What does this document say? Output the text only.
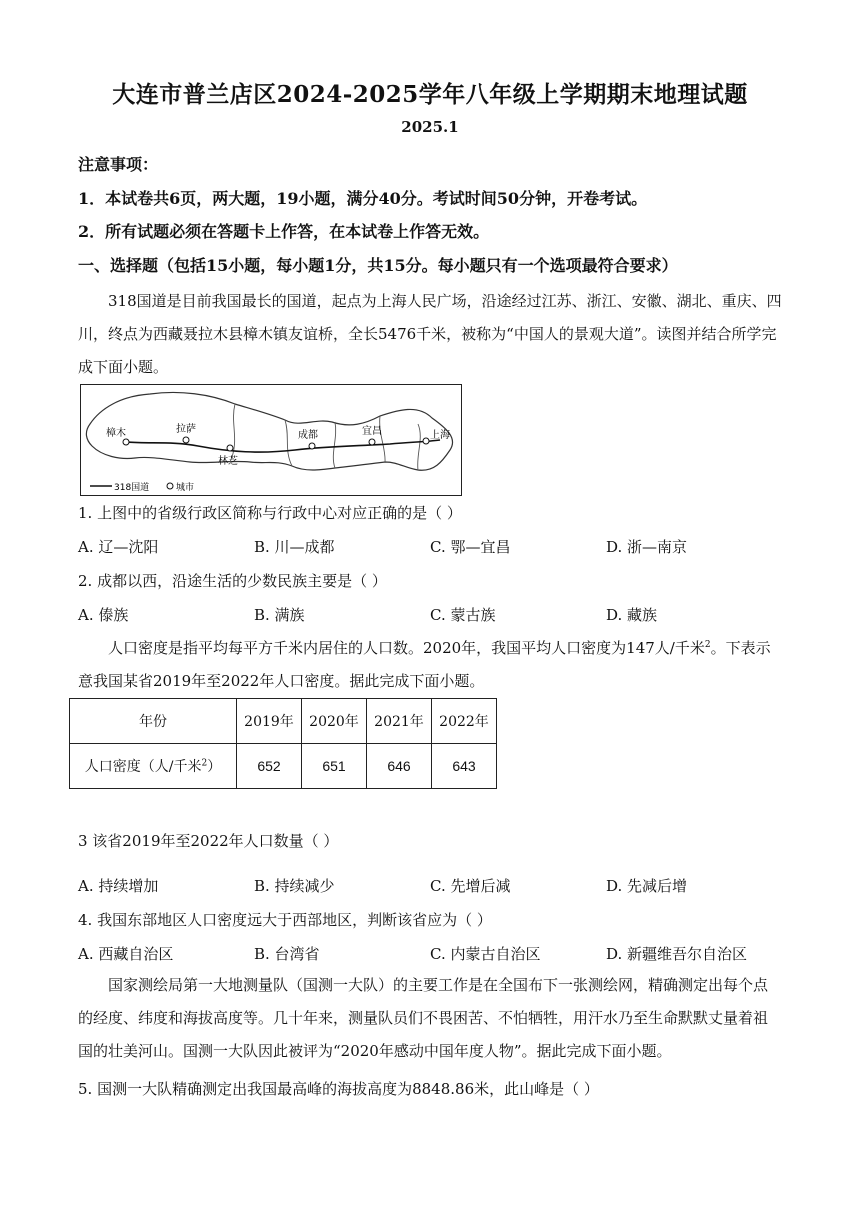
大连市普兰店区2024-2025学年八年级上学期期末地理试题
2025.1
注意事项：
1．本试卷共6页，两大题，19小题，满分40分。考试时间50分钟，开卷考试。
2．所有试题必须在答题卡上作答，在本试卷上作答无效。
一、选择题（包括15小题，每小题1分，共15分。每小题只有一个选项最符合要求）
318国道是目前我国最长的国道，起点为上海人民广场，沿途经过江苏、浙江、安徽、湖北、重庆、四川，终点为西藏聂拉木县樟木镇友谊桥，全长5476千米，被称为“中国人的景观大道”。读图并结合所学完成下面小题。
樟木	拉萨
林芝
成都	宜昌	上海
318国道	城市
1. 上图中的省级行政区简称与行政中心对应正确的是（ ）
A. 辽—沈阳	B. 川—成都	C. 鄂—宜昌	D. 浙—南京
2. 成都以西，沿途生活的少数民族主要是（ ）
A. 傣族	B. 满族	C. 蒙古族	D. 藏族
人口密度是指平均每平方千米内居住的人口数。2020年，我国平均人口密度为147人/千米$^2$。下表示
意我国某省2019年至2022年人口密度。据此完成下面小题。
年份	2019年	2020年	2021年	2022年
人口密度（人/千米$^2$）	652	651	646	643
3 该省2019年至2022年人口数量（ ）
A. 持续增加	B. 持续减少	C. 先增后减	D. 先减后增
4. 我国东部地区人口密度远大于西部地区，判断该省应为（ ）
A. 西藏自治区	B. 台湾省	C. 内蒙古自治区	D. 新疆维吾尔自治区
国家测绘局第一大地测量队（国测一大队）的主要工作是在全国布下一张测绘网，精确测定出每个点的经度、纬度和海拔高度等。几十年来，测量队员们不畏困苦、不怕牺牲，用汗水乃至生命默默丈量着祖国的壮美河山。国测一大队因此被评为“2020年感动中国年度人物”。据此完成下面小题。
5. 国测一大队精确测定出我国最高峰的海拔高度为8848.86米，此山峰是（ ）
